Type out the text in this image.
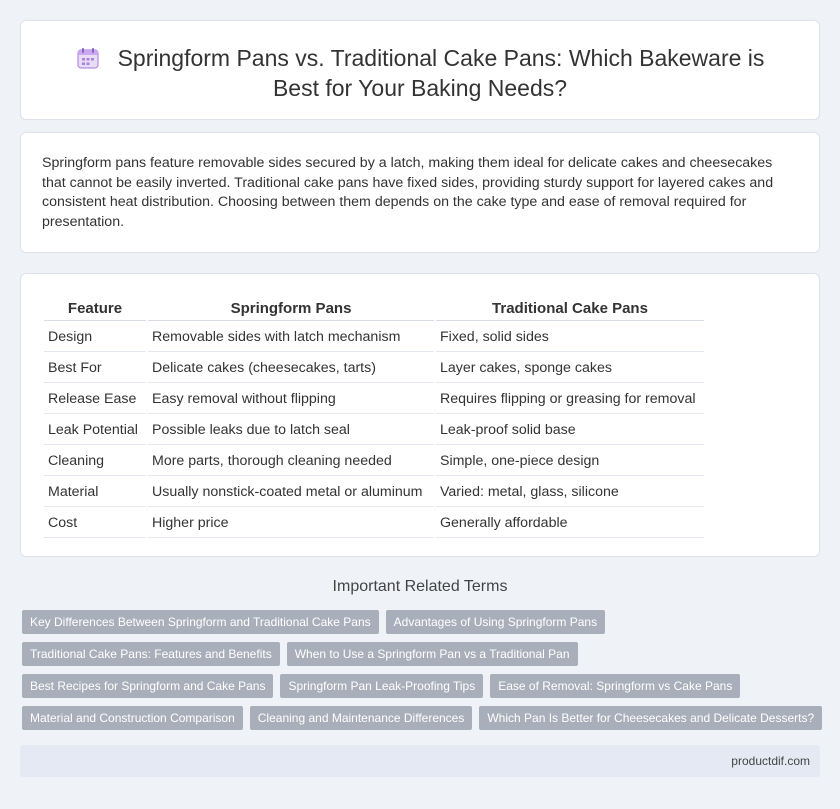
Springform Pans vs. Traditional Cake Pans: Which Bakeware is
Best for Your Baking Needs?

Springform pans feature removable sides secured by a latch, making them ideal for delicate cakes and cheesecakes that cannot be easily inverted. Traditional cake pans have fixed sides, providing sturdy support for layered cakes and consistent heat distribution. Choosing between them depends on the cake type and ease of removal required for presentation.

Feature	Springform Pans	Traditional Cake Pans
Design	Removable sides with latch mechanism	Fixed, solid sides
Best For	Delicate cakes (cheesecakes, tarts)	Layer cakes, sponge cakes
Release Ease	Easy removal without flipping	Requires flipping or greasing for removal
Leak Potential	Possible leaks due to latch seal	Leak-proof solid base
Cleaning	More parts, thorough cleaning needed	Simple, one-piece design
Material	Usually nonstick-coated metal or aluminum	Varied: metal, glass, silicone
Cost	Higher price	Generally affordable
Important Related Terms
Key Differences Between Springform and Traditional Cake Pans	Advantages of Using Springform Pans
Traditional Cake Pans: Features and Benefits	When to Use a Springform Pan vs a Traditional Pan
Best Recipes for Springform and Cake Pans	Springform Pan Leak-Proofing Tips	Ease of Removal: Springform vs Cake Pans
Material and Construction Comparison	Cleaning and Maintenance Differences	Which Pan Is Better for Cheesecakes and Delicate Desserts?
productdif.com
